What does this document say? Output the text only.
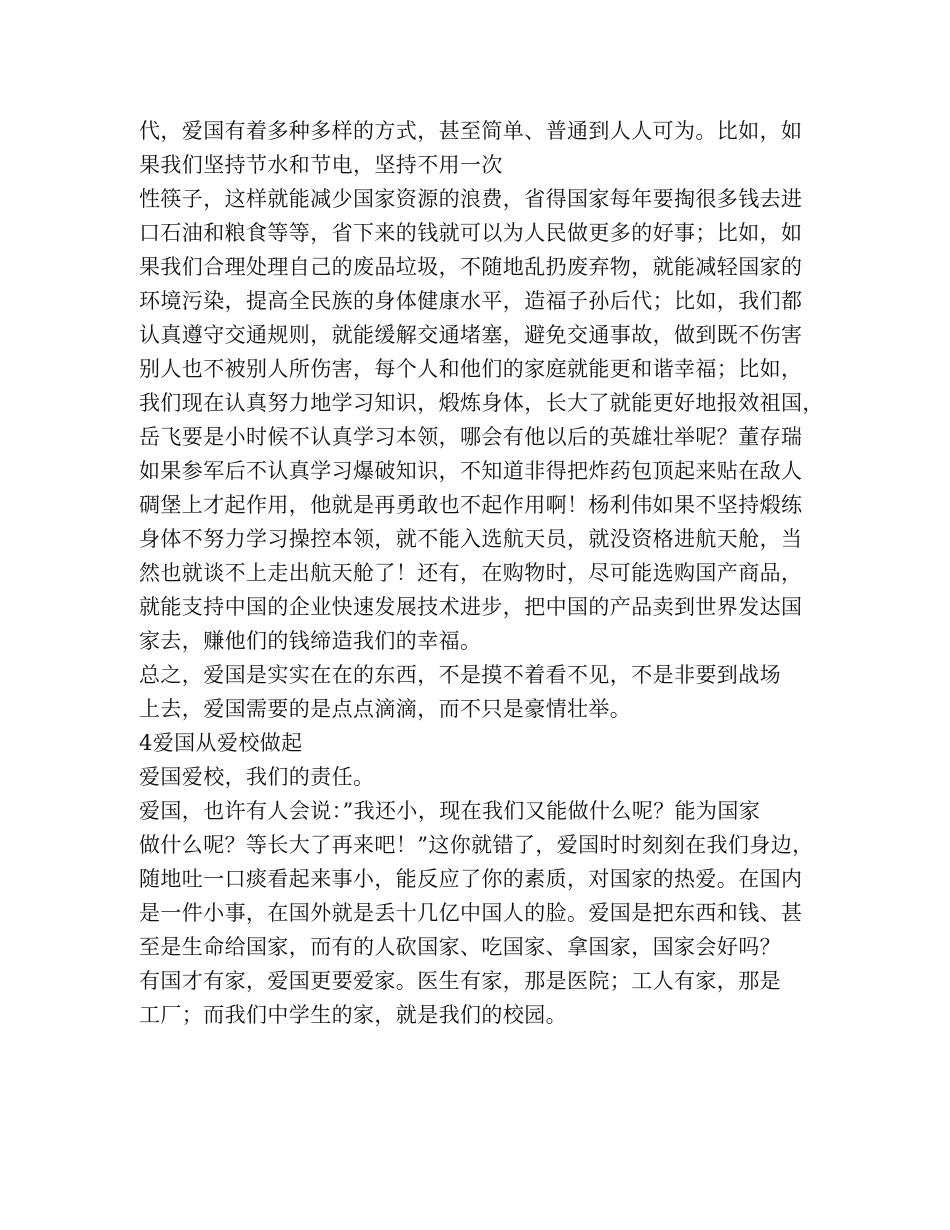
代，爱国有着多种多样的方式，甚至简单、普通到人人可为。比如，如
果我们坚持节水和节电，坚持不用一次
性筷子，这样就能减少国家资源的浪费，省得国家每年要掏很多钱去进
口石油和粮食等等，省下来的钱就可以为人民做更多的好事；比如，如
果我们合理处理自己的废品垃圾，不随地乱扔废弃物，就能减轻国家的
环境污染，提高全民族的身体健康水平，造福子孙后代；比如，我们都
认真遵守交通规则，就能缓解交通堵塞，避免交通事故，做到既不伤害
别人也不被别人所伤害，每个人和他们的家庭就能更和谐幸福；比如，
我们现在认真努力地学习知识，煅炼身体，长大了就能更好地报效祖国，
岳飞要是小时候不认真学习本领，哪会有他以后的英雄壮举呢？董存瑞
如果参军后不认真学习爆破知识，不知道非得把炸药包顶起来贴在敌人
碉堡上才起作用，他就是再勇敢也不起作用啊！杨利伟如果不坚持煅练
身体不努力学习操控本领，就不能入选航天员，就没资格进航天舱，当
然也就谈不上走出航天舱了！还有，在购物时，尽可能选购国产商品，
就能支持中国的企业快速发展技术进步，把中国的产品卖到世界发达国
家去，赚他们的钱缔造我们的幸福。
总之，爱国是实实在在的东西，不是摸不着看不见，不是非要到战场
上去，爱国需要的是点点滴滴，而不只是豪情壮举。
4爱国从爱校做起
爱国爱校，我们的责任。
爱国，也许有人会说：”我还小，现在我们又能做什么呢？能为国家
做什么呢？等长大了再来吧！”这你就错了，爱国时时刻刻在我们身边，
随地吐一口痰看起来事小，能反应了你的素质，对国家的热爱。在国内
是一件小事，在国外就是丢十几亿中国人的脸。爱国是把东西和钱、甚
至是生命给国家，而有的人砍国家、吃国家、拿国家，国家会好吗？
有国才有家，爱国更要爱家。医生有家，那是医院；工人有家，那是
工厂；而我们中学生的家，就是我们的校园。
